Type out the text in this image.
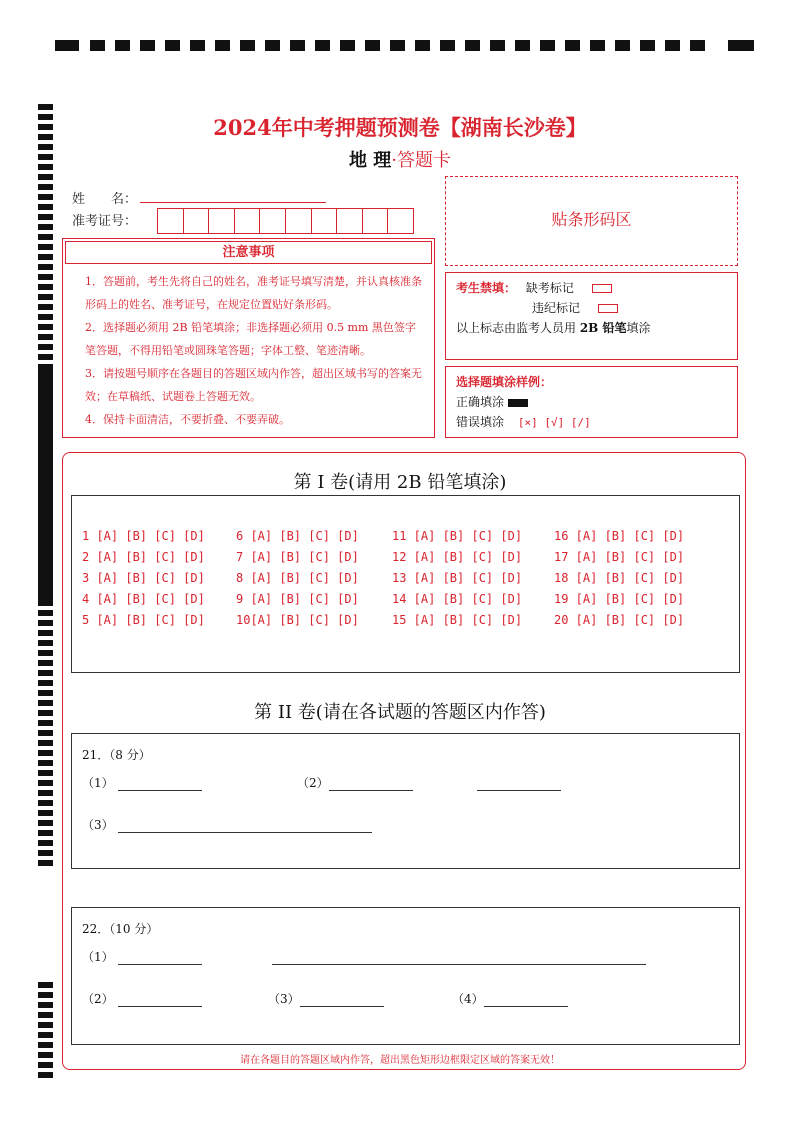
2024年中考押题预测卷【湖南长沙卷】
地 理·答题卡
姓　　名：
准考证号：
注意事项
1．答题前，考生先将自己的姓名，准考证号填写清楚，并认真核准条形码上的姓名、准考证号，在规定位置贴好条形码。
2．选择题必须用 2B 铅笔填涂；非选择题必须用 0.5 mm 黑色签字笔答题，不得用铅笔或圆珠笔答题；字体工整、笔迹清晰。
3．请按题号顺序在各题目的答题区域内作答，超出区域书写的答案无效；在草稿纸、试题卷上答题无效。
4．保持卡面清洁，不要折叠、不要弄破。
贴条形码区
考生禁填： 缺考标记
违纪标记
以上标志由监考人员用 2B 铅笔填涂
选择题填涂样例：
正确填涂
错误填涂 [×] [√] [/]
第 I 卷(请用 2B 铅笔填涂)
1 [A] [B] [C] [D]
2 [A] [B] [C] [D]
3 [A] [B] [C] [D]
4 [A] [B] [C] [D]
5 [A] [B] [C] [D]
6 [A] [B] [C] [D]
7 [A] [B] [C] [D]
8 [A] [B] [C] [D]
9 [A] [B] [C] [D]
10[A] [B] [C] [D]
11 [A] [B] [C] [D]
12 [A] [B] [C] [D]
13 [A] [B] [C] [D]
14 [A] [B] [C] [D]
15 [A] [B] [C] [D]
16 [A] [B] [C] [D]
17 [A] [B] [C] [D]
18 [A] [B] [C] [D]
19 [A] [B] [C] [D]
20 [A] [B] [C] [D]
第 II 卷(请在各试题的答题区内作答)
21．（8 分）
（1）	（2）
（3）
22．（10 分）
（1）
（2）	（3）	（4）
请在各题目的答题区域内作答，超出黑色矩形边框限定区域的答案无效！
